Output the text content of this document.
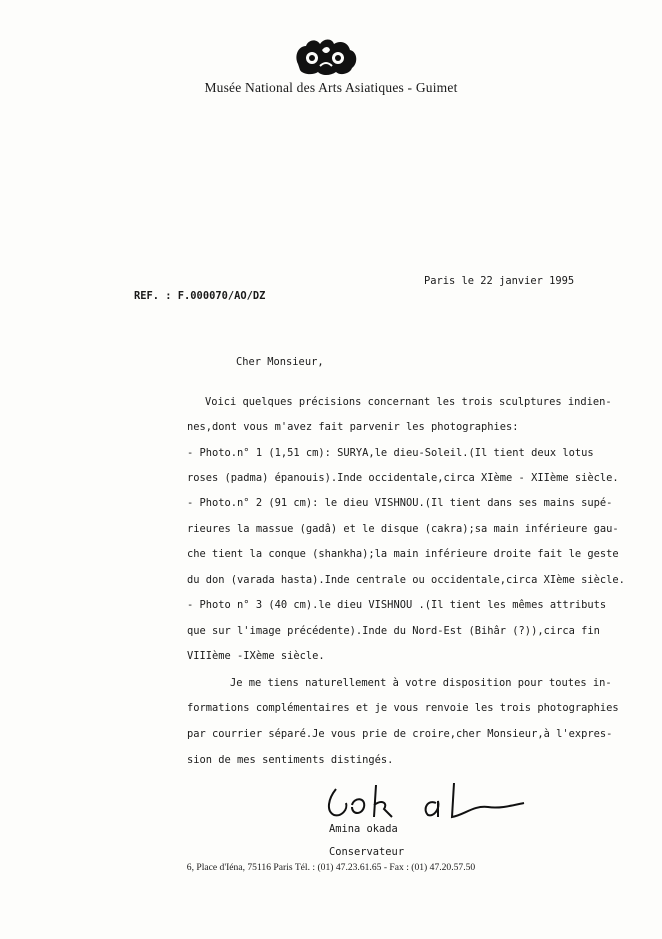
Musée National des Arts Asiatiques - Guimet
Paris le 22 janvier 1995
REF. : F.000070/AO/DZ
Cher Monsieur,
Voici quelques précisions concernant les trois sculptures indien-
nes,dont vous m'avez fait parvenir les photographies:
- Photo.n° 1 (1,51 cm): SURYA,le dieu-Soleil.(Il tient deux lotus
roses (padma) épanouis).Inde occidentale,circa XIème - XIIème siècle.
- Photo.n° 2 (91 cm): le dieu VISHNOU.(Il tient dans ses mains supé-
rieures la massue (gadâ) et le disque (cakra);sa main inférieure gau-
che tient la conque (shankha);la main inférieure droite fait le geste
du don (varada hasta).Inde centrale ou occidentale,circa XIème siècle.
- Photo n° 3 (40 cm).le dieu VISHNOU .(Il tient les mêmes attributs
que sur l'image précédente).Inde du Nord-Est (Bihâr (?)),circa fin
VIIIème -IXème siècle.
Je me tiens naturellement à votre disposition pour toutes in-
formations complémentaires et je vous renvoie les trois photographies
par courrier séparé.Je vous prie de croire,cher Monsieur,à l'expres-
sion de mes sentiments distingés.
Amina okada
Conservateur
6, Place d'Iéna, 75116 Paris Tél. : (01) 47.23.61.65 - Fax : (01) 47.20.57.50
